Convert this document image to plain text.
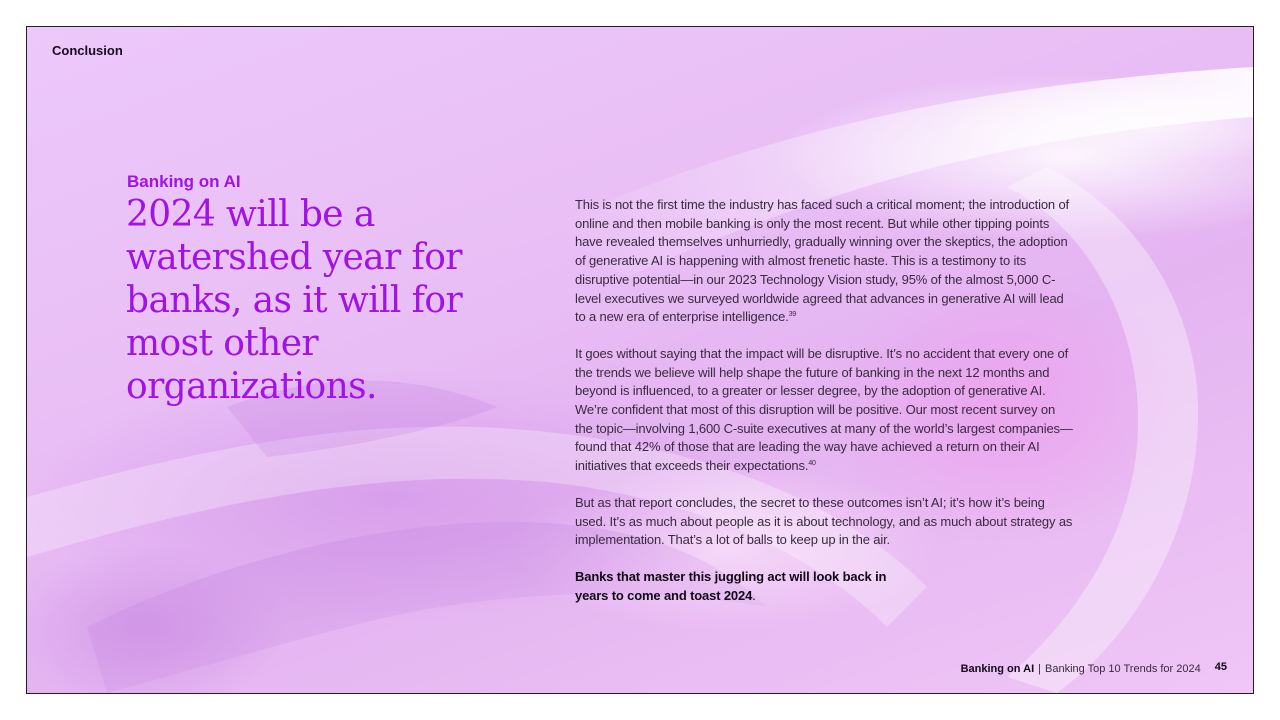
Conclusion
Banking on AI
2024 will be a watershed year for banks, as it will for most other organizations.

This is not the first time the industry has faced such a critical moment; the introduction of online and then mobile banking is only the most recent. But while other tipping points have revealed themselves unhurriedly, gradually winning over the skeptics, the adoption of generative AI is happening with almost frenetic haste. This is a testimony to its disruptive potential—in our 2023 Technology Vision study, 95% of the almost 5,000 C-level executives we surveyed worldwide agreed that advances in generative AI will lead to a new era of enterprise intelligence.$^{39}$

It goes without saying that the impact will be disruptive. It’s no accident that every one of the trends we believe will help shape the future of banking in the next 12 months and beyond is influenced, to a greater or lesser degree, by the adoption of generative AI. We’re confident that most of this disruption will be positive. Our most recent survey on the topic—involving 1,600 C-suite executives at many of the world’s largest companies—found that 42% of those that are leading the way have achieved a return on their AI initiatives that exceeds their expectations.$^{40}$

But as that report concludes, the secret to these outcomes isn’t AI; it’s how it’s being used. It’s as much about people as it is about technology, and as much about strategy as implementation. That’s a lot of balls to keep up in the air.

Banks that master this juggling act will look back in years to come and toast 2024.

Banking on AI | Banking Top 10 Trends for 2024 45
